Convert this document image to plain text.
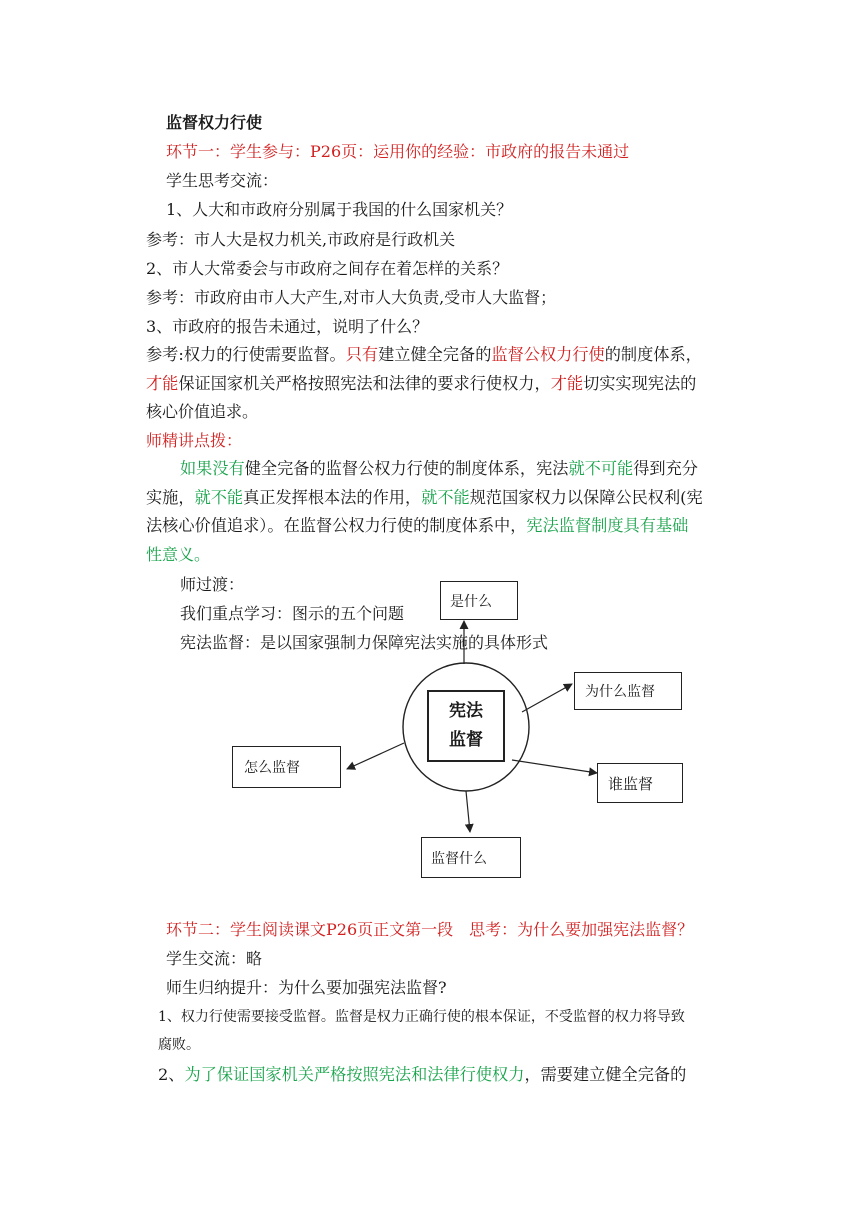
监督权力行使
环节一：学生参与：P26页：运用你的经验：市政府的报告未通过
学生思考交流：
1、人大和市政府分别属于我国的什么国家机关？
参考：市人大是权力机关,市政府是行政机关
2、市人大常委会与市政府之间存在着怎样的关系？
参考：市政府由市人大产生,对市人大负责,受市人大监督；
3、市政府的报告未通过，说明了什么？
参考:权力的行使需要监督。只有建立健全完备的监督公权力行使的制度体系，
才能保证国家机关严格按照宪法和法律的要求行使权力，才能切实实现宪法的
核心价值追求。
师精讲点拨：
如果没有健全完备的监督公权力行使的制度体系，宪法就不可能得到充分
实施，就不能真正发挥根本法的作用，就不能规范国家权力以保障公民权利(宪
法核心价值追求）。在监督公权力行使的制度体系中，宪法监督制度具有基础
性意义。
师过渡：
我们重点学习：图示的五个问题
宪法监督：是以国家强制力保障宪法实施的具体形式
宪法
监督
是什么
为什么监督
怎么监督
谁监督
监督什么
环节二：学生阅读课文P26页正文第一段　思考：为什么要加强宪法监督？
学生交流：略
师生归纳提升：为什么要加强宪法监督?
1、权力行使需要接受监督。监督是权力正确行使的根本保证，不受监督的权力将导致
腐败。
2、为了保证国家机关严格按照宪法和法律行使权力，需要建立健全完备的
